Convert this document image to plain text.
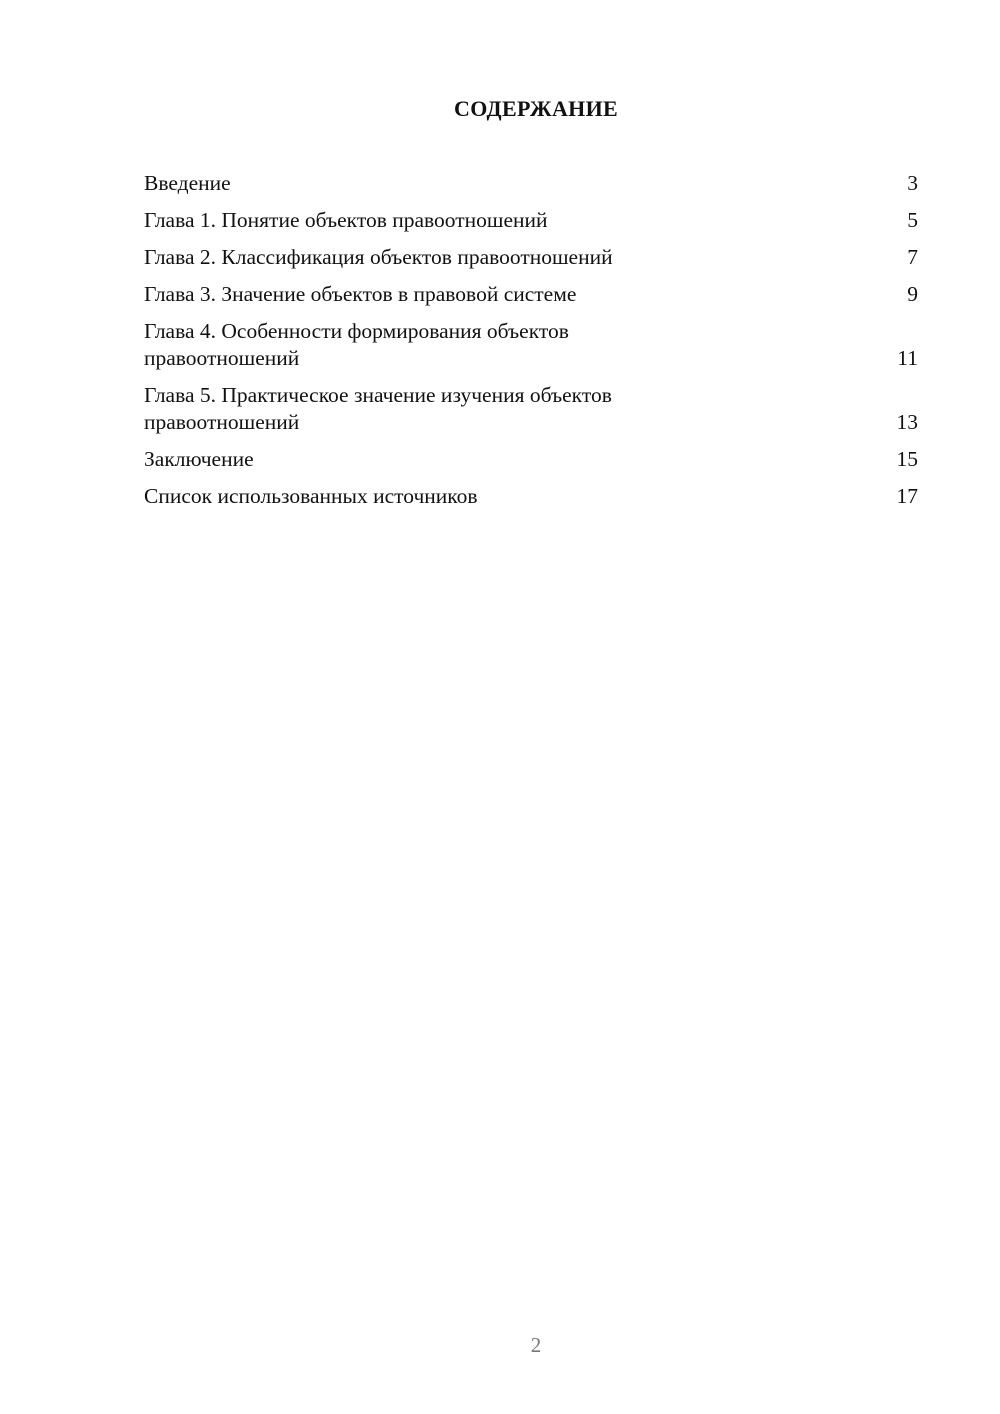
СОДЕРЖАНИЕ
Введение	3
Глава 1. Понятие объектов правоотношений	5
Глава 2. Классификация объектов правоотношений	7
Глава 3. Значение объектов в правовой системе	9
Глава 4. Особенности формирования объектов правоотношений	11
Глава 5. Практическое значение изучения объектов правоотношений	13
Заключение	15
Список использованных источников	17
2
